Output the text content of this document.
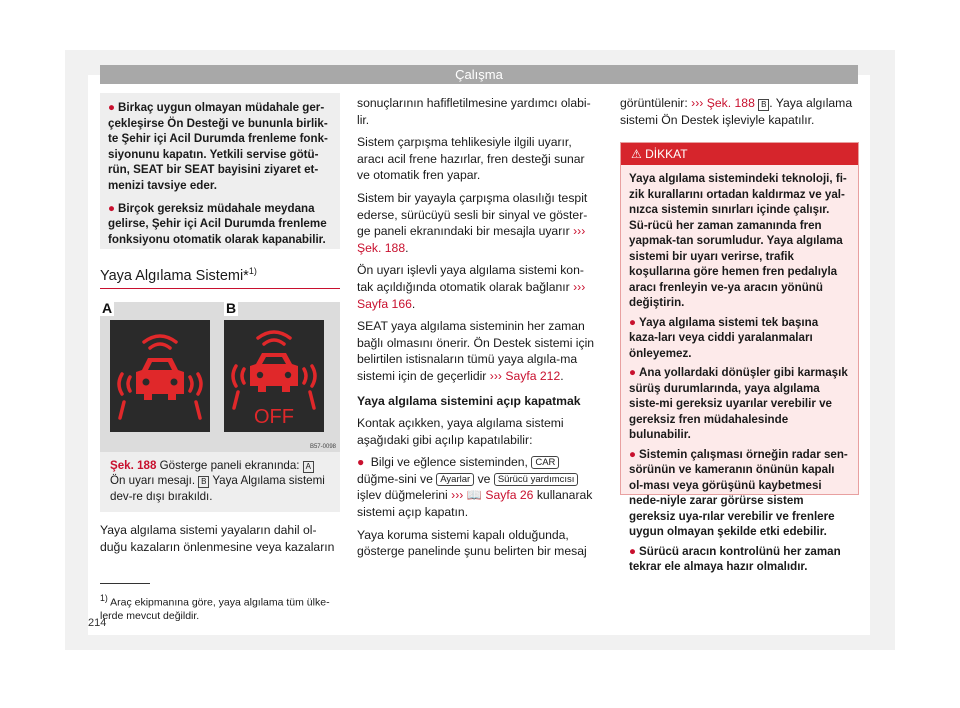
Çalışma
● Birkaç uygun olmayan müdahale ger-çekleşirse Ön Desteği ve bununla birlik-te Şehir içi Acil Durumda frenleme fonk-siyonunu kapatın. Yetkili servise götü-rün, SEAT bir SEAT bayisini ziyaret et-menizi tavsiye eder.
● Birçok gereksiz müdahale meydana gelirse, Şehir içi Acil Durumda frenleme fonksiyonu otomatik olarak kapanabilir.
Yaya Algılama Sistemi*$^{1)}$
A	B
OFF
B57-0098
Şek. 188 Gösterge paneli ekranında: A Ön uyarı mesajı. B Yaya Algılama sistemi dev-re dışı bırakıldı.
Yaya algılama sistemi yayaların dahil ol-duğu kazaların önlenmesine veya kazaların
$^{1)}$ Araç ekipmanına göre, yaya algılama tüm ülke-lerde mevcut değildir.
214

sonuçlarının hafifletilmesine yardımcı olabi-lir.

Sistem çarpışma tehlikesiyle ilgili uyarır, aracı acil frene hazırlar, fren desteği sunar ve otomatik fren yapar.

Sistem bir yayayla çarpışma olasılığı tespit ederse, sürücüyü sesli bir sinyal ve göster-ge paneli ekranındaki bir mesajla uyarır ››› Şek. 188.

Ön uyarı işlevli yaya algılama sistemi kon-tak açıldığında otomatik olarak bağlanır ››› Sayfa 166.

SEAT yaya algılama sisteminin her zaman bağlı olmasını önerir. Ön Destek sistemi için belirtilen istisnaların tümü yaya algıla-ma sistemi için de geçerlidir ››› Sayfa 212.

Yaya algılama sistemini açıp kapatmak

Kontak açıkken, yaya algılama sistemi aşağıdaki gibi açılıp kapatılabilir:

● Bilgi ve eğlence sisteminden, CAR düğme-sini ve Ayarlar ve Sürücü yardımcısı işlev düğmelerini ››› 📖 Sayfa 26 kullanarak sistemi açıp kapatın.

Yaya koruma sistemi kapalı olduğunda, gösterge panelinde şunu belirten bir mesaj

görüntülenir: ››› Şek. 188 B . Yaya algılama sistemi Ön Destek işleviyle kapatılır.

⚠ DİKKAT

Yaya algılama sistemindeki teknoloji, fi-zik kurallarını ortadan kaldırmaz ve yal-nızca sistemin sınırları içinde çalışır. Sü-rücü her zaman zamanında fren yapmak-tan sorumludur. Yaya algılama sistemi bir uyarı verirse, trafik koşullarına göre hemen fren pedalıyla aracı frenleyin ve-ya aracın yönünü değiştirin.

● Yaya algılama sistemi tek başına kaza-ları veya ciddi yaralanmaları önleyemez.

● Ana yollardaki dönüşler gibi karmaşık sürüş durumlarında, yaya algılama siste-mi gereksiz uyarılar verebilir ve gereksiz fren müdahalesinde bulunabilir.

● Sistemin çalışması örneğin radar sen-sörünün ve kameranın önünün kapalı ol-ması veya görüşünü kaybetmesi nede-niyle zarar görürse sistem gereksiz uya-rılar verebilir ve frenlere uygun olmayan şekilde etki edebilir.

● Sürücü aracın kontrolünü her zaman tekrar ele almaya hazır olmalıdır.
